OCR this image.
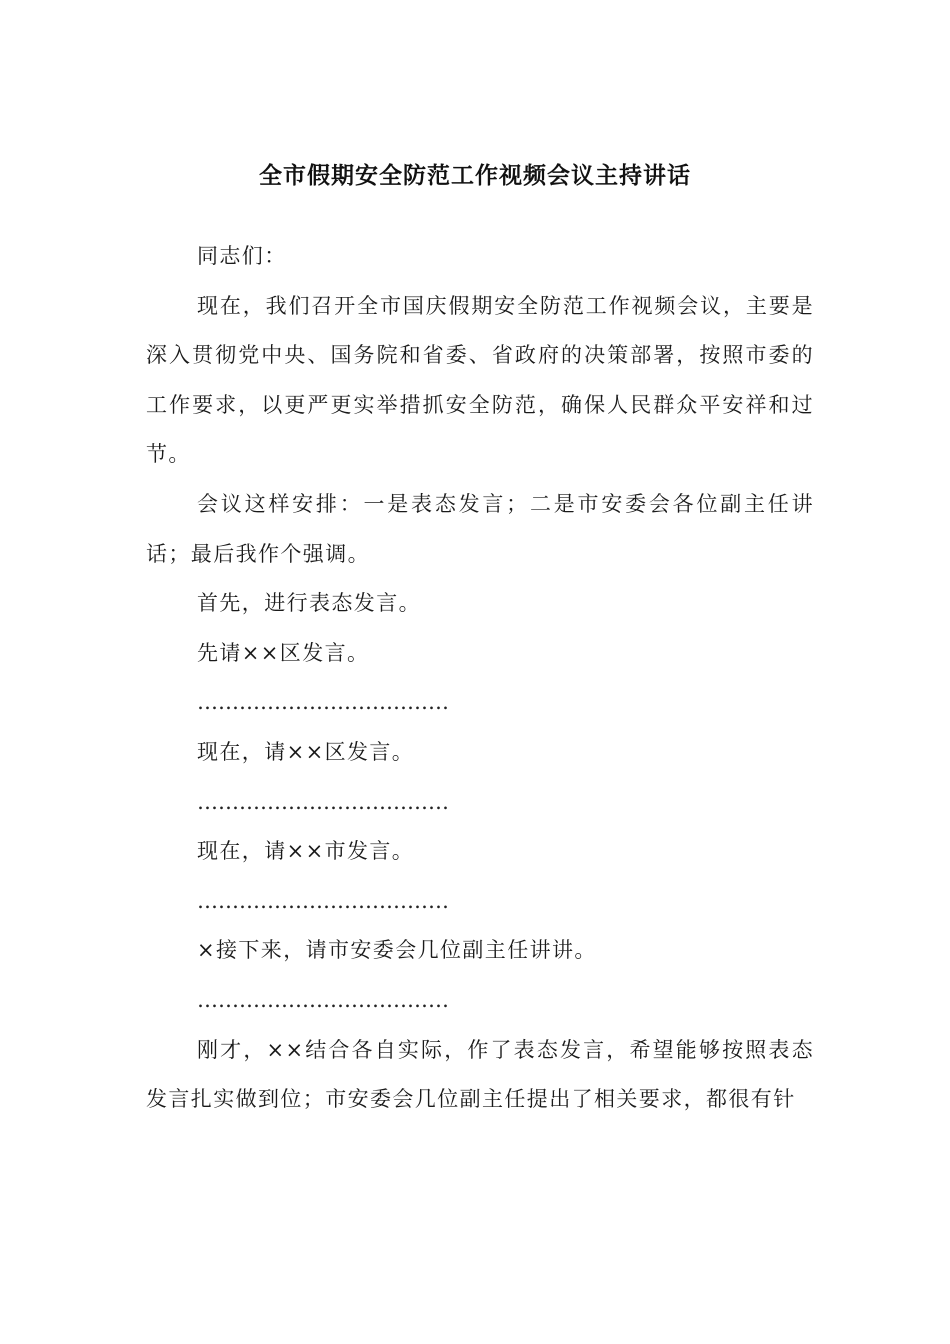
全市假期安全防范工作视频会议主持讲话

同志们：

现在，我们召开全市国庆假期安全防范工作视频会议，主要是深入贯彻党中央、国务院和省委、省政府的决策部署，按照市委的工作要求，以更严更实举措抓安全防范，确保人民群众平安祥和过节。

会议这样安排：一是表态发言；二是市安委会各位副主任讲话；最后我作个强调。

首先，进行表态发言。

先请××区发言。

………………………………

现在，请××区发言。

………………………………

现在，请××市发言。

………………………………

×接下来，请市安委会几位副主任讲讲。

………………………………

刚才，××结合各自实际，作了表态发言，希望能够按照表态发言扎实做到位；市安委会几位副主任提出了相关要求，都很有针
